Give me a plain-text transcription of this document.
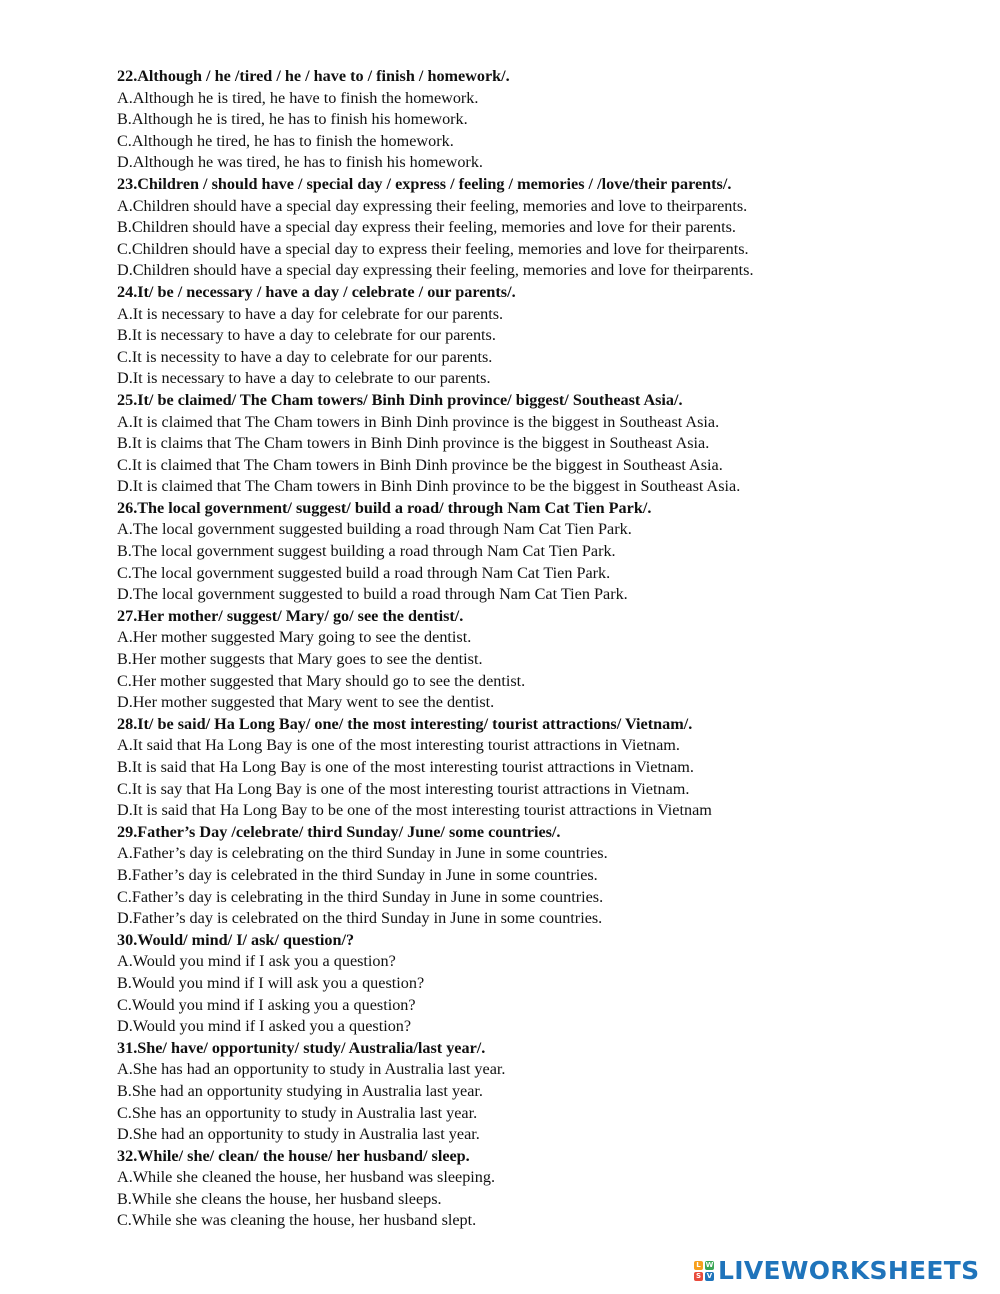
22.Although / he /tired / he / have to / finish / homework/.

A.Although he is tired, he have to finish the homework.

B.Although he is tired, he has to finish his homework.

C.Although he tired, he has to finish the homework.

D.Although he was tired, he has to finish his homework.

23.Children / should have / special day / express / feeling / memories / /love/their parents/.

A.Children should have a special day expressing their feeling, memories and love to theirparents.

B.Children should have a special day express their feeling, memories and love for their parents.

C.Children should have a special day to express their feeling, memories and love for theirparents.

D.Children should have a special day expressing their feeling, memories and love for theirparents.

24.It/ be / necessary / have a day / celebrate / our parents/.

A.It is necessary to have a day for celebrate for our parents.

B.It is necessary to have a day to celebrate for our parents.

C.It is necessity to have a day to celebrate for our parents.

D.It is necessary to have a day to celebrate to our parents.

25.It/ be claimed/ The Cham towers/ Binh Dinh province/ biggest/ Southeast Asia/.

A.It is claimed that The Cham towers in Binh Dinh province is the biggest in Southeast Asia.

B.It is claims that The Cham towers in Binh Dinh province is the biggest in Southeast Asia.

C.It is claimed that The Cham towers in Binh Dinh province be the biggest in Southeast Asia.

D.It is claimed that The Cham towers in Binh Dinh province to be the biggest in Southeast Asia.

26.The local government/ suggest/ build a road/ through Nam Cat Tien Park/.

A.The local government suggested building a road through Nam Cat Tien Park.

B.The local government suggest building a road through Nam Cat Tien Park.

C.The local government suggested build a road through Nam Cat Tien Park.

D.The local government suggested to build a road through Nam Cat Tien Park.

27.Her mother/ suggest/ Mary/ go/ see the dentist/.

A.Her mother suggested Mary going to see the dentist.

B.Her mother suggests that Mary goes to see the dentist.

C.Her mother suggested that Mary should go to see the dentist.

D.Her mother suggested that Mary went to see the dentist.

28.It/ be said/ Ha Long Bay/ one/ the most interesting/ tourist attractions/ Vietnam/.

A.It said that Ha Long Bay is one of the most interesting tourist attractions in Vietnam.

B.It is said that Ha Long Bay is one of the most interesting tourist attractions in Vietnam.

C.It is say that Ha Long Bay is one of the most interesting tourist attractions in Vietnam.

D.It is said that Ha Long Bay to be one of the most interesting tourist attractions in Vietnam

29.Father’s Day /celebrate/ third Sunday/ June/ some countries/.

A.Father’s day is celebrating on the third Sunday in June in some countries.

B.Father’s day is celebrated in the third Sunday in June in some countries.

C.Father’s day is celebrating in the third Sunday in June in some countries.

D.Father’s day is celebrated on the third Sunday in June in some countries.

30.Would/ mind/ I/ ask/ question/?

A.Would you mind if I ask you a question?

B.Would you mind if I will ask you a question?

C.Would you mind if I asking you a question?

D.Would you mind if I asked you a question?

31.She/ have/ opportunity/ study/ Australia/last year/.

A.She has had an opportunity to study in Australia last year.

B.She had an opportunity studying in Australia last year.

C.She has an opportunity to study in Australia last year.

D.She had an opportunity to study in Australia last year.

32.While/ she/ clean/ the house/ her husband/ sleep.

A.While she cleaned the house, her husband was sleeping.

B.While she cleans the house, her husband sleeps.

C.While she was cleaning the house, her husband slept.

L W
S V LIVEWORKSHEETS
